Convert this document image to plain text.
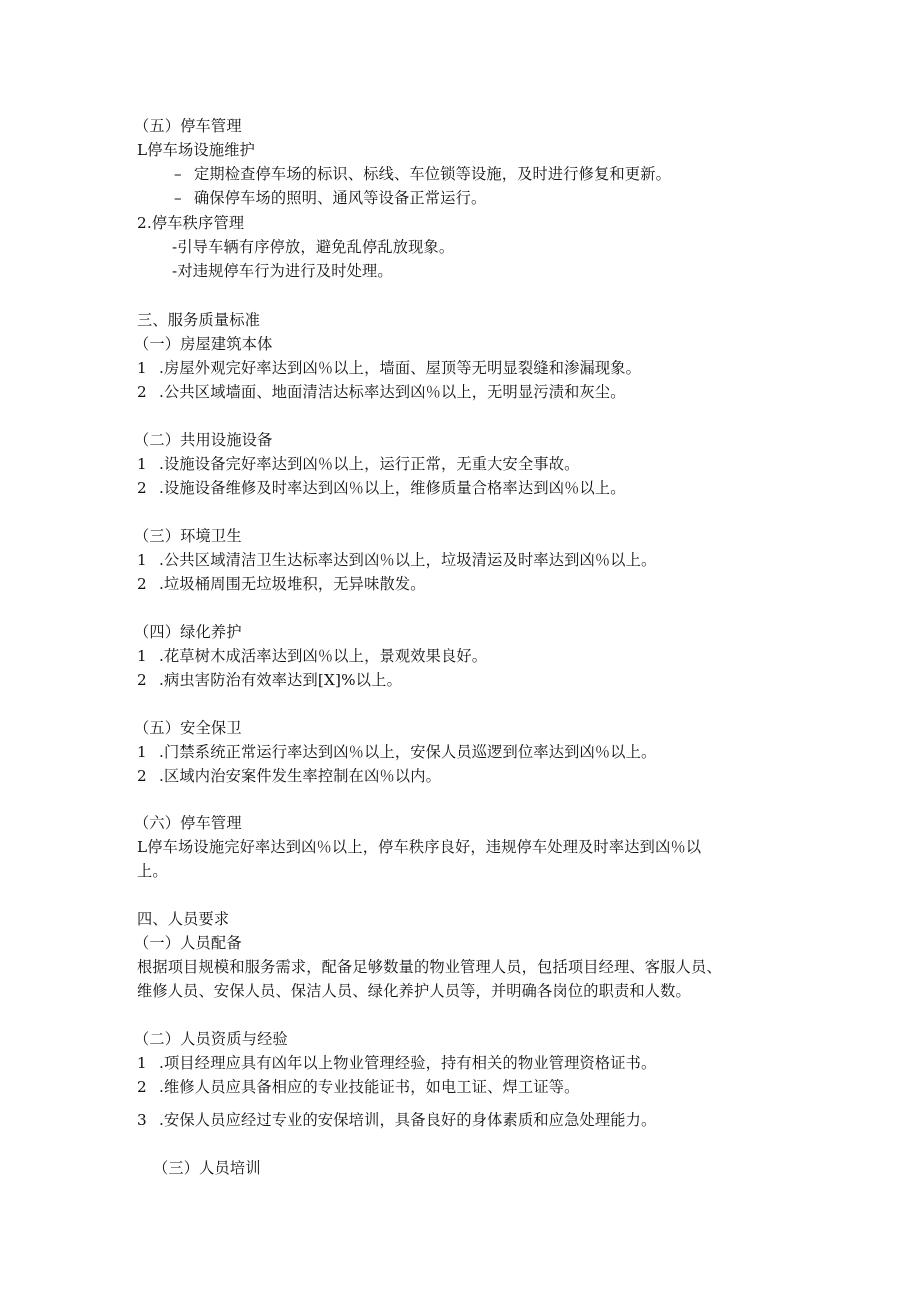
（五）停车管理
L停车场设施维护
– 定期检查停车场的标识、标线、车位锁等设施，及时进行修复和更新。
– 确保停车场的照明、通风等设备正常运行。
2.停车秩序管理
-引导车辆有序停放，避免乱停乱放现象。
-对违规停车行为进行及时处理。
三、服务质量标准
（一）房屋建筑本体
1 .房屋外观完好率达到凶％以上，墙面、屋顶等无明显裂缝和渗漏现象。
2 .公共区域墙面、地面清洁达标率达到凶％以上，无明显污渍和灰尘。
（二）共用设施设备
1 .设施设备完好率达到凶％以上，运行正常，无重大安全事故。
2 .设施设备维修及时率达到凶％以上，维修质量合格率达到凶％以上。
（三）环境卫生
1 .公共区域清洁卫生达标率达到凶％以上，垃圾清运及时率达到凶％以上。
2 .垃圾桶周围无垃圾堆积，无异味散发。
（四）绿化养护
1 .花草树木成活率达到凶％以上，景观效果良好。
2 .病虫害防治有效率达到[X]%以上。
（五）安全保卫
1 .门禁系统正常运行率达到凶％以上，安保人员巡逻到位率达到凶％以上。
2 .区域内治安案件发生率控制在凶％以内。
（六）停车管理
L停车场设施完好率达到凶％以上，停车秩序良好，违规停车处理及时率达到凶％以
上。
四、人员要求
（一）人员配备
根据项目规模和服务需求，配备足够数量的物业管理人员，包括项目经理、客服人员、
维修人员、安保人员、保洁人员、绿化养护人员等，并明确各岗位的职责和人数。
（二）人员资质与经验
1 .项目经理应具有凶年以上物业管理经验，持有相关的物业管理资格证书。
2 .维修人员应具备相应的专业技能证书，如电工证、焊工证等。
3 .安保人员应经过专业的安保培训，具备良好的身体素质和应急处理能力。
（三）人员培训
